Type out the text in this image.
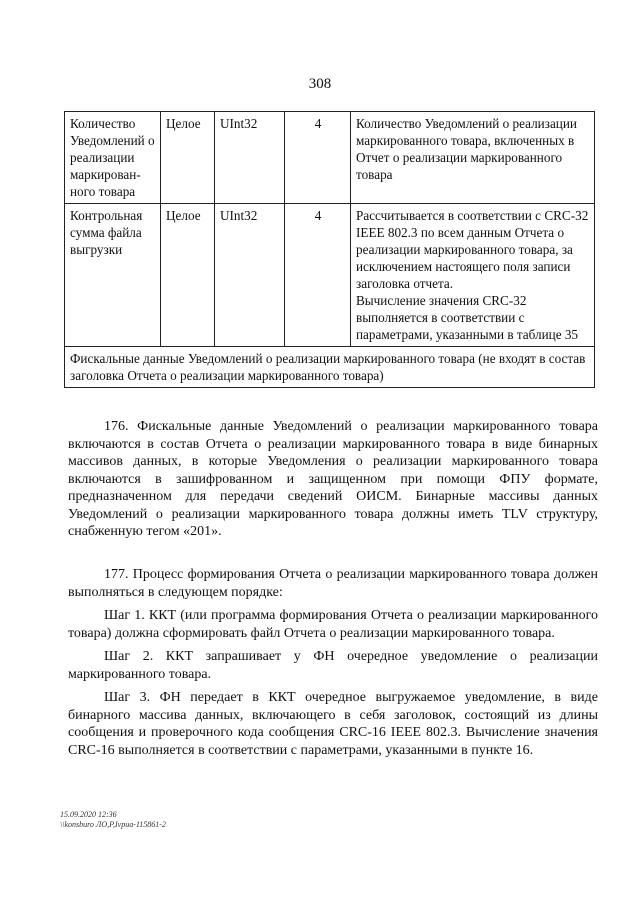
308
Количество Уведомлений о реализации маркирован-ного товара	Целое	UInt32	4	Количество Уведомлений о реализации маркированного товара, включенных в Отчет о реализации маркированного товара
Контрольная сумма файла выгрузки	Целое	UInt32	4	Рассчитывается в соответствии с CRC-32 IEEE 802.3 по всем данным Отчета о реализации маркированного товара, за исключением настоящего поля записи заголовка отчета.
Вычисление значения CRC-32 выполняется в соответствии с параметрами, указанными в таблице 35
Фискальные данные Уведомлений о реализации маркированного товара (не входят в состав заголовка Отчета о реализации маркированного товара)				

176. Фискальные данные Уведомлений о реализации маркированного товара включаются в состав Отчета о реализации маркированного товара в виде бинарных массивов данных, в которые Уведомления о реализации маркированного товара включаются в зашифрованном и защищенном при помощи ФПУ формате, предназначенном для передачи сведений ОИСМ. Бинарные массивы данных Уведомлений о реализации маркированного товара должны иметь TLV структуру, снабженную тегом «201».

177. Процесс формирования Отчета о реализации маркированного товара должен выполняться в следующем порядке:

Шаг 1. ККТ (или программа формирования Отчета о реализации маркированного товара) должна сформировать файл Отчета о реализации маркированного товара.

Шаг 2. ККТ запрашивает у ФН очередное уведомление о реализации маркированного товара.

Шаг 3. ФН передает в ККТ очередное выгружаемое уведомление, в виде бинарного массива данных, включающего в себя заголовок, состоящий из длины сообщения и проверочного кода сообщения CRC-16 IEEE 802.3. Вычисление значения CRC-16 выполняется в соответствии с параметрами, указанными в пункте 16.

15.09.2020 12:36
\\konsburo ЛО,P,Ivpua-115861-2
